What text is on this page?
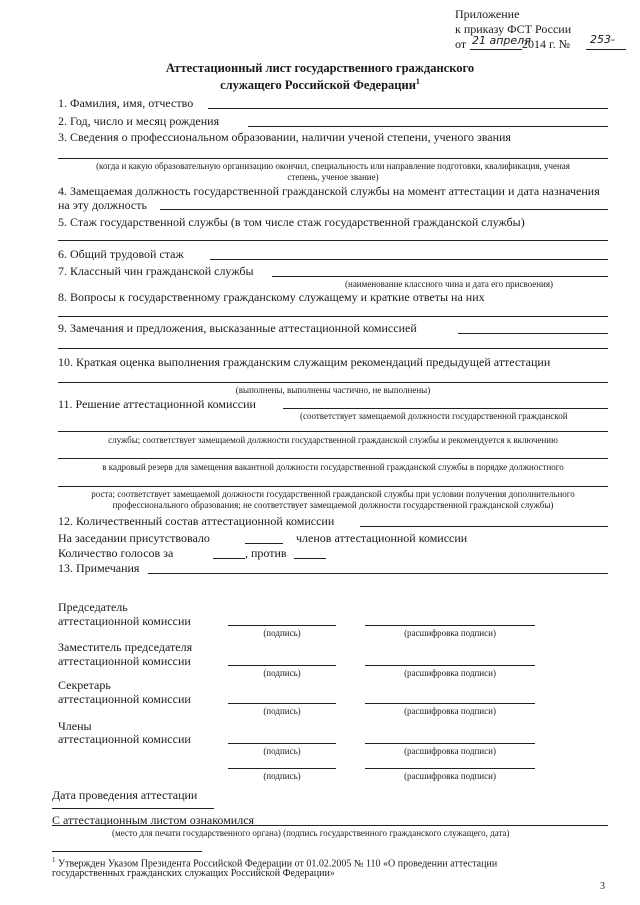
Приложение
к приказу ФСТ России
от 21 апреля
2014 г. № 253-
Аттестационный лист государственного гражданского
служащего Российской Федерации$^1$
1. Фамилия, имя, отчество
2. Год, число и месяц рождения
3. Сведения о профессиональном образовании, наличии ученой степени, ученого звания
(когда и какую образовательную организацию окончил, специальность или направление подготовки, квалификация, ученая
степень, ученое звание)
4. Замещаемая должность государственной гражданской службы на момент аттестации и дата назначения
на эту должность
5. Стаж государственной службы (в том числе стаж государственной гражданской службы)
6. Общий трудовой стаж
7. Классный чин гражданской службы
(наименование классного чина и дата его присвоения)
8. Вопросы к государственному гражданскому служащему и краткие ответы на них
9. Замечания и предложения, высказанные аттестационной комиссией
10. Краткая оценка выполнения гражданским служащим рекомендаций предыдущей аттестации
(выполнены, выполнены частично, не выполнены)
11. Решение аттестационной комиссии
(соответствует замещаемой должности государственной гражданской
службы; соответствует замещаемой должности государственной гражданской службы и рекомендуется к включению
в кадровый резерв для замещения вакантной должности государственной гражданской службы в порядке должностного
роста; соответствует замещаемой должности государственной гражданской службы при условии получения дополнительного
профессионального образования; не соответствует замещаемой должности государственной гражданской службы)
12. Количественный состав аттестационной комиссии
На заседании присутствовало	членов аттестационной комиссии
Количество голосов за	, против
13. Примечания
Председатель
аттестационной комиссии
(подпись)	(расшифровка подписи)
Заместитель председателя
аттестационной комиссии
(подпись)	(расшифровка подписи)
Секретарь
аттестационной комиссии
(подпись)	(расшифровка подписи)
Члены
аттестационной комиссии
(подпись)	(расшифровка подписи)
(подпись)	(расшифровка подписи)
Дата проведения аттестации
С аттестационным листом ознакомился
(место для печати государственного органа) (подпись государственного гражданского служащего, дата)
$^1$ Утвержден Указом Президента Российской Федерации от 01.02.2005 № 110 «О проведении аттестации
государственных гражданских служащих Российской Федерации»
3
